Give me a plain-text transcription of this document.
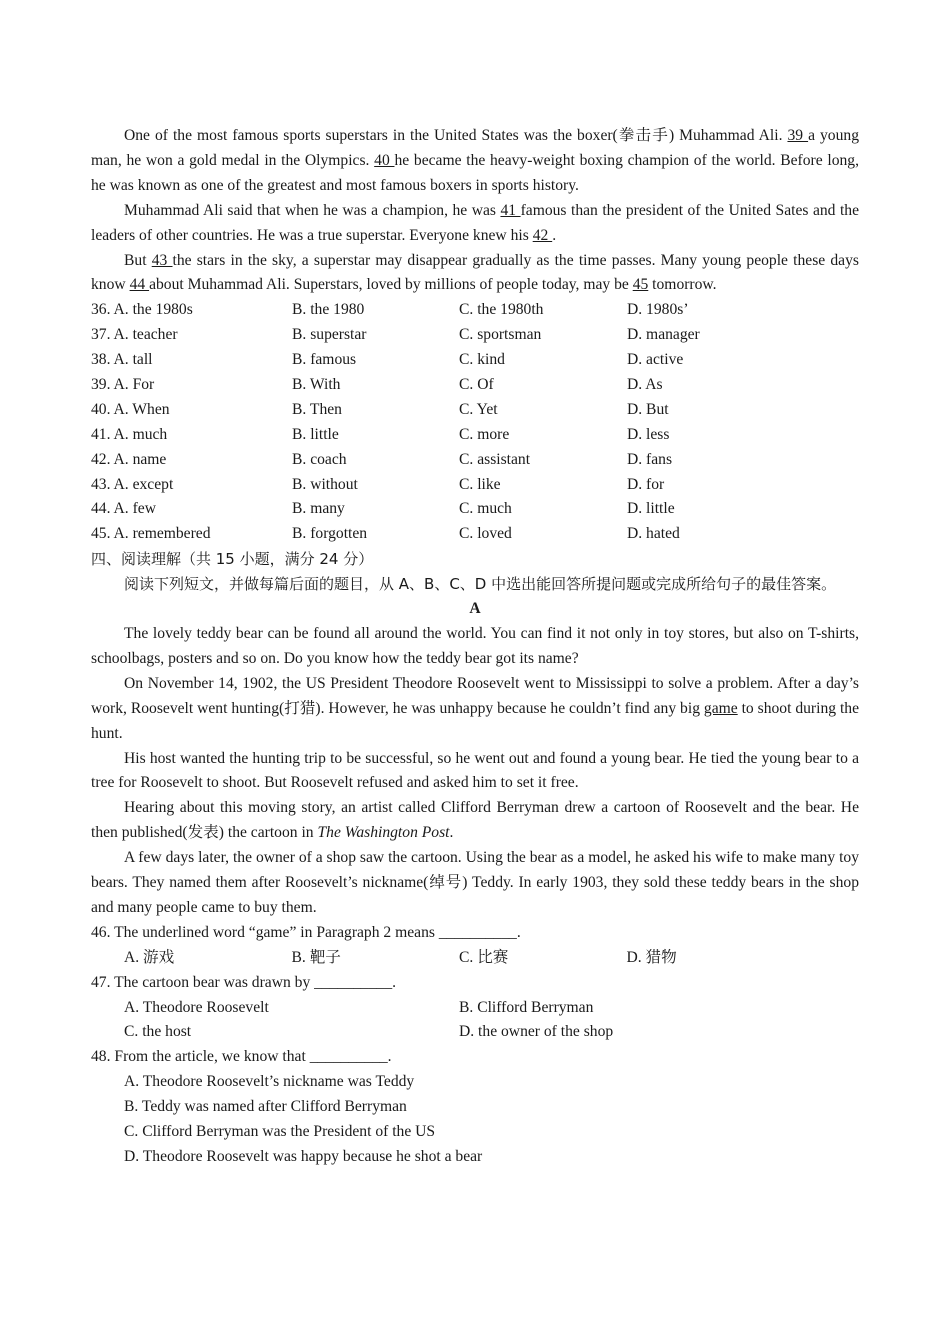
One of the most famous sports superstars in the United States was the boxer(拳击手) Muhammad Ali. 39 a young man, he won a gold medal in the Olympics. 40 he became the heavy-weight boxing champion of the world. Before long, he was known as one of the greatest and most famous boxers in sports history.

Muhammad Ali said that when he was a champion, he was 41 famous than the president of the United Sates and the leaders of other countries. He was a true superstar. Everyone knew his 42 .

But 43 the stars in the sky, a superstar may disappear gradually as the time passes. Many young people these days know 44 about Muhammad Ali. Superstars, loved by millions of people today, may be 45 tomorrow.

36. A. the 1980s	B. the 1980	C. the 1980th	D. 1980s’
37. A. teacher	B. superstar	C. sportsman	D. manager
38. A. tall	B. famous	C. kind	D. active
39. A. For	B. With	C. Of	D. As
40. A. When	B. Then	C. Yet	D. But
41. A. much	B. little	C. more	D. less
42. A. name	B. coach	C. assistant	D. fans
43. A. except	B. without	C. like	D. for
44. A. few	B. many	C. much	D. little
45. A. remembered	B. forgotten	C. loved	D. hated

四、阅读理解（共 15 小题，满分 24 分）

阅读下列短文，并做每篇后面的题目，从 A、B、C、D 中选出能回答所提问题或完成所给句子的最佳答案。

A

The lovely teddy bear can be found all around the world. You can find it not only in toy stores, but also on T-shirts, schoolbags, posters and so on. Do you know how the teddy bear got its name?

On November 14, 1902, the US President Theodore Roosevelt went to Mississippi to solve a problem. After a day’s work, Roosevelt went hunting(打猎). However, he was unhappy because he couldn’t find any big game to shoot during the hunt.

His host wanted the hunting trip to be successful, so he went out and found a young bear. He tied the young bear to a tree for Roosevelt to shoot. But Roosevelt refused and asked him to set it free.

Hearing about this moving story, an artist called Clifford Berryman drew a cartoon of Roosevelt and the bear. He then published(发表) the cartoon in The Washington Post.

A few days later, the owner of a shop saw the cartoon. Using the bear as a model, he asked his wife to make many toy bears. They named them after Roosevelt’s nickname(绰号) Teddy. In early 1903, they sold these teddy bears in the shop and many people came to buy them.

46. The underlined word “game” in Paragraph 2 means __________.

A. 游戏	B. 靶子	C. 比赛	D. 猎物

47. The cartoon bear was drawn by __________.

A. Theodore Roosevelt	B. Clifford Berryman
C. the host	D. the owner of the shop

48. From the article, we know that __________.

A. Theodore Roosevelt’s nickname was Teddy

B. Teddy was named after Clifford Berryman

C. Clifford Berryman was the President of the US

D. Theodore Roosevelt was happy because he shot a bear
